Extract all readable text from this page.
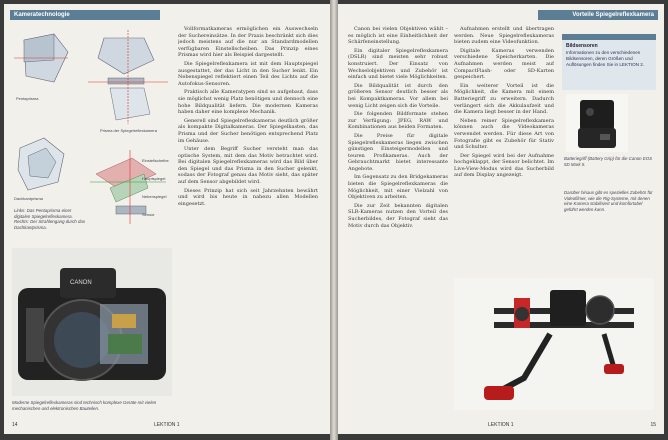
Kameratechnologie
Pentaprisma
Prisma der Spiegelreflexkamera
Dachkantprisma
Einstellscheibe
Hauptspiegel
Nebenspiegel
Sensor
Links: Das Pentaprisma einer digitalen Spiegelreflexkamera. Rechts: Der Strahlengang durch das Dachkantprisma.
CANON
Moderne Spiegelreflexkameras sind technisch komplexe Geräte mit vielen mechanischen und elektronischen Bauteilen.

Vollformatkameras ermöglichen ein Auswechseln der Suchereinsätze. In der Praxis beschränkt sich dies jedoch meistens auf die nur an Standardmodellen verfügbaren Einstellscheiben. Das Prinzip eines Prismas wird hier als Beispiel dargestellt.

Die Spiegelreflexkamera ist mit dem Hauptspiegel ausgestattet, der das Licht in den Sucher lenkt. Ein Nebenspiegel reflektiert einen Teil des Lichts auf die Autofokus-Sensoren.

Praktisch alle Kameratypen sind so aufgebaut, dass sie möglichst wenig Platz benötigen und dennoch eine hohe Bildqualität liefern. Die modernen Kameras haben daher eine komplexe Mechanik.

Generell sind Spiegelreflexkameras deutlich größer als kompakte Digitalkameras. Der Spiegelkasten, das Prisma und der Sucher benötigen entsprechend Platz im Gehäuse.

Unter dem Begriff Sucher versteht man das optische System, mit dem das Motiv betrachtet wird. Bei digitalen Spiegelreflexkameras wird das Bild über den Spiegel und das Prisma in den Sucher gelenkt, sodass der Fotograf genau das Motiv sieht, das später auf dem Sensor abgebildet wird.

Dieses Prinzip hat sich seit Jahrzehnten bewährt und wird bis heute in nahezu allen Modellen eingesetzt.

14	LEKTION 1
Vorteile Spiegelreflexkamera

Canon bei vielen Objektiven wählt – es möglich ist eine Einheitlichkeit der Schärfeneinstellung.

Ein digitaler Spiegelreflexkamera (DSLR) sind meisten sehr robust konstruiert. Der Einsatz von Wechselobjektiven und Zubehör ist einfach und bietet viele Möglichkeiten.

Die Bildqualität ist durch den größeren Sensor deutlich besser als bei Kompaktkameras. Vor allem bei wenig Licht zeigen sich die Vorteile.

Die folgenden Bildformate stehen zur Verfügung: JPEG, RAW und Kombinationen aus beiden Formaten.

Die Preise für digitale Spiegelreflexkameras liegen zwischen günstigen Einsteigermodellen und teuren Profikameras. Auch der Gebrauchtmarkt bietet interessante Angebote.

Im Gegensatz zu den Bridgekameras bieten die Spiegelreflexkameras die Möglichkeit, mit einer Vielzahl von Objektiven zu arbeiten.

Die zur Zeit bekannten digitalen SLR-Kameras nutzen den Vorteil des Sucherbildes, der Fotograf sieht das Motiv durch das Objektiv.

Aufnahmen erstellt und übertragen werden. Neue Spiegelreflexkameras bieten zudem eine Videofunktion.

Digitale Kameras verwenden verschiedene Speicherkarten. Die Aufnahmen werden meist auf CompactFlash- oder SD-Karten gespeichert.

Ein weiterer Vorteil ist die Möglichkeit, die Kamera mit einem Batteriegriff zu erweitern. Dadurch verlängert sich die Akkulaufzeit und die Kamera liegt besser in der Hand.

Neben reiner Spiegelreflexkamera können auch die Videokameras verwendet werden. Für diese Art von Fotografie gibt es Zubehör für Stativ und Schulter.

Der Spiegel wird bei der Aufnahme hochgeklappt, der Sensor belichtet. Im Live-View-Modus wird das Sucherbild auf dem Display angezeigt.

Bildsensoren
Informationen zu den verschiedenen Bildsensoren, deren Größen und Auflösungen finden Sie in LEKTION 2.
Batteriegriff (Battery Grip) für die Canon EOS 5D Mark II.
Darüber hinaus gibt es spezielles Zubehör für Videofilmer, wie die Rig-Systeme, mit denen eine Kamera stabilisiert und komfortabel geführt werden kann.
LEKTION 1	15
